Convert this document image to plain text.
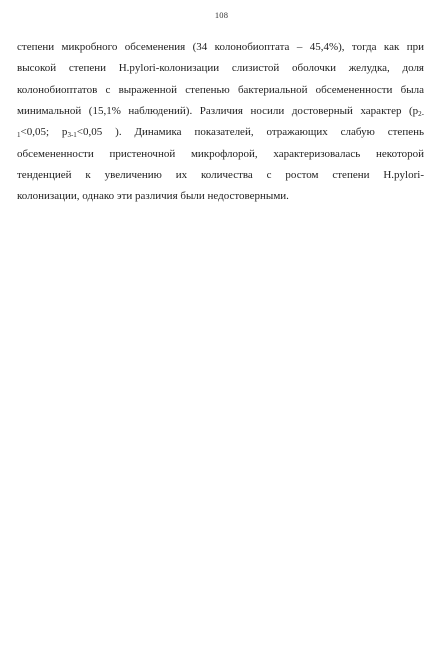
108
степени микробного обсеменения (34 колонобиоптата – 45,4%), тогда как при
высокой степени H.pylori-колонизации слизистой оболочки желудка, доля
колонобиоптатов с выраженной степенью бактериальной обсемененности была
минимальной (15,1% наблюдений). Различия носили достоверный характер ($p_{2-}$
$_1$<0,05; $p_{3-1}<0,05$ ). Динамика показателей, отражающих слабую степень
обсемененности пристеночной микрофлорой, характеризовалась некоторой
тенденцией к увеличению их количества с ростом степени H.pylori-
колонизации, однако эти различия были недостоверными.
